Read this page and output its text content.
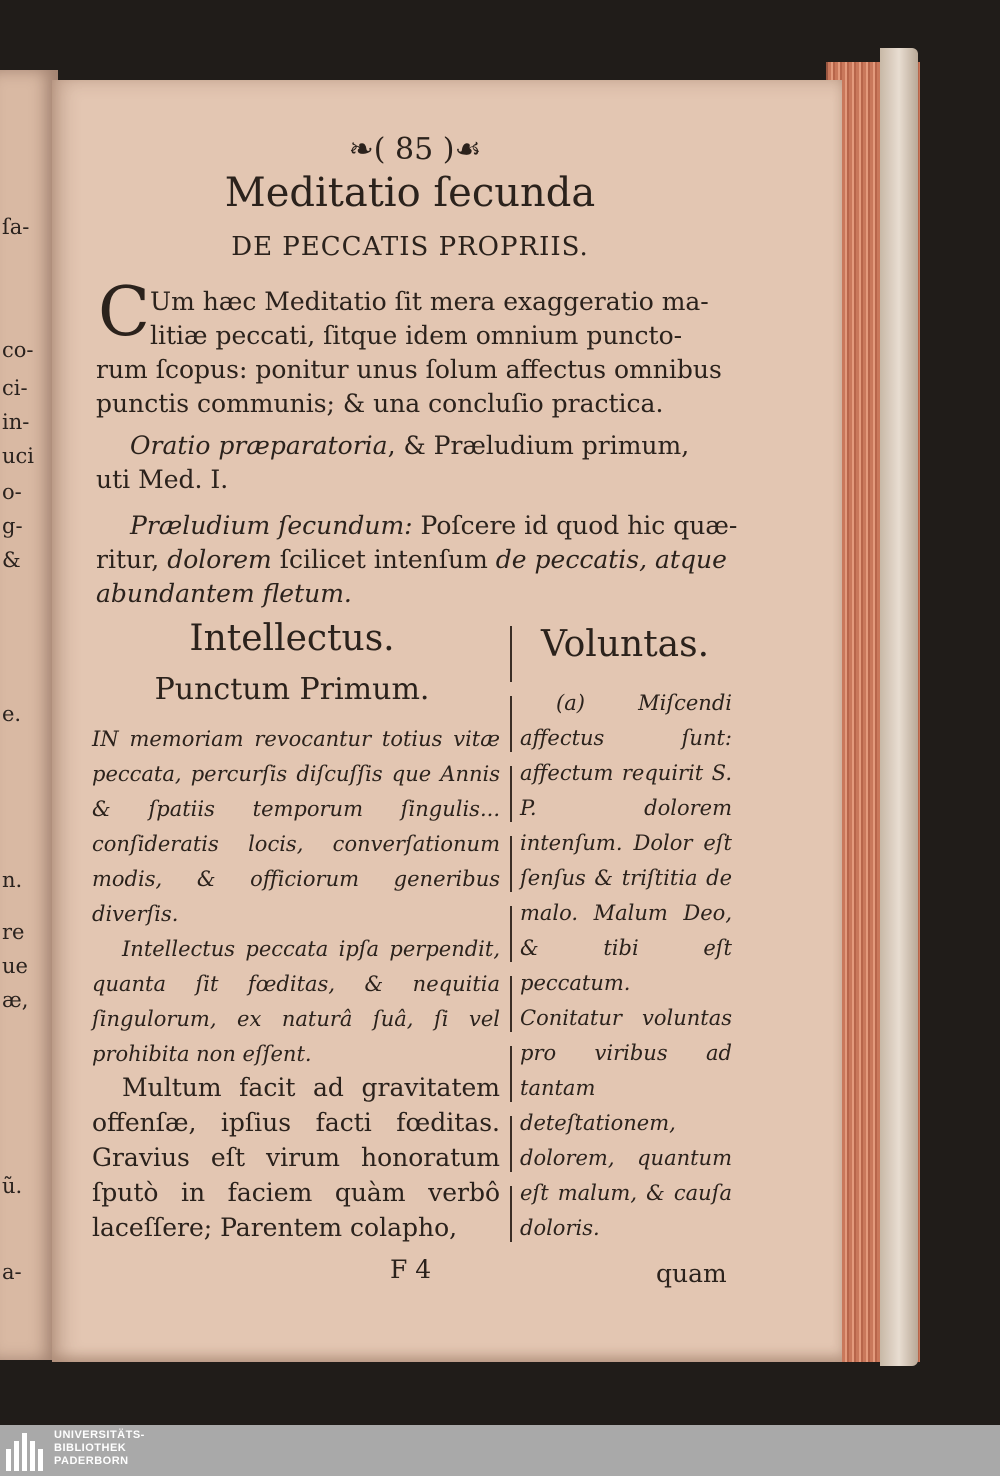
ſa-
co-
ci-
in-
uci
o-
g-
&
e.
n.
re
ue
æ,
ũ.
a-
❧( 85 )☙
Meditatio ſecunda
DE PECCATIS PROPRIIS.
C Um hæc Meditatio ſit mera exaggeratio ma-
litiæ peccati, ſitque idem omnium puncto-
rum ſcopus: ponitur unus ſolum affectus omnibus
punctis communis; & una concluſio practica.
Oratio præparatoria, & Præludium primum,
uti Med. I.
Præludium ſecundum: Poſcere id quod hic quæ-
ritur, dolorem ſcilicet intenſum de peccatis, atque
abundantem fletum.
Intellectus.
Punctum Primum.
IN memoriam revocantur totius vitæ peccata, percurſis diſcuſſis que Annis & ſpatiis temporum ſingulis... conſideratis locis, converſationum modis, & officiorum generibus diverſis.
Intellectus peccata ipſa perpendit, quanta ſit fœditas, & nequitia ſingulorum, ex naturâ ſuâ, ſi vel prohibita non eſſent.
Multum facit ad gravitatem offenſæ, ipſius facti fœditas. Gravius eſt virum honoratum ſputò in faciem quàm verbô laceſſere; Parentem colapho,
Voluntas.
(a) Miſcendi affectus ſunt: affectum requirit S. P. dolorem intenſum. Dolor eſt ſenſus & triſtitia de malo. Malum Deo, & tibi eſt peccatum. Conitatur voluntas pro viribus ad tantam deteſtationem, dolorem, quantum eſt malum, & cauſa doloris.
F 4	quam
UNIVERSITÄTS-
BIBLIOTHEK
PADERBORN
